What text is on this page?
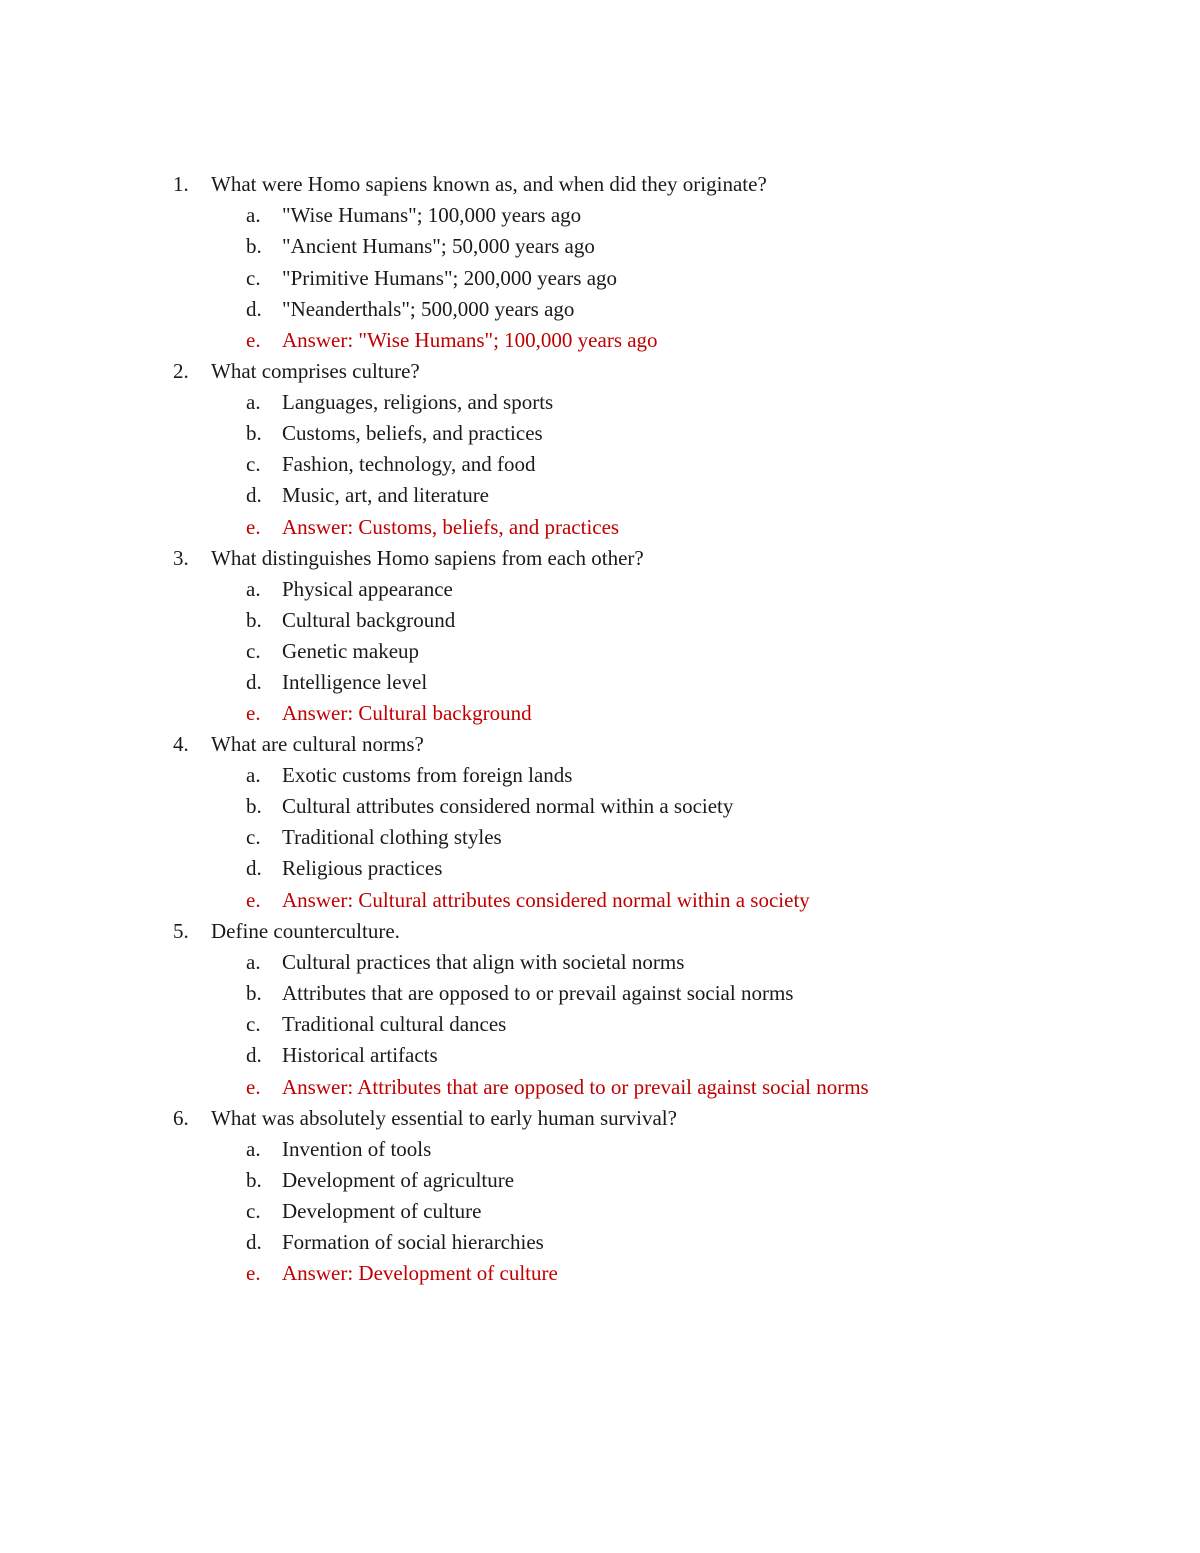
1. What were Homo sapiens known as, and when did they originate?
a. "Wise Humans"; 100,000 years ago
b. "Ancient Humans"; 50,000 years ago
c. "Primitive Humans"; 200,000 years ago
d. "Neanderthals"; 500,000 years ago
e. Answer: "Wise Humans"; 100,000 years ago
2. What comprises culture?
a. Languages, religions, and sports
b. Customs, beliefs, and practices
c. Fashion, technology, and food
d. Music, art, and literature
e. Answer: Customs, beliefs, and practices
3. What distinguishes Homo sapiens from each other?
a. Physical appearance
b. Cultural background
c. Genetic makeup
d. Intelligence level
e. Answer: Cultural background
4. What are cultural norms?
a. Exotic customs from foreign lands
b. Cultural attributes considered normal within a society
c. Traditional clothing styles
d. Religious practices
e. Answer: Cultural attributes considered normal within a society
5. Define counterculture.
a. Cultural practices that align with societal norms
b. Attributes that are opposed to or prevail against social norms
c. Traditional cultural dances
d. Historical artifacts
e. Answer: Attributes that are opposed to or prevail against social norms
6. What was absolutely essential to early human survival?
a. Invention of tools
b. Development of agriculture
c. Development of culture
d. Formation of social hierarchies
e. Answer: Development of culture
